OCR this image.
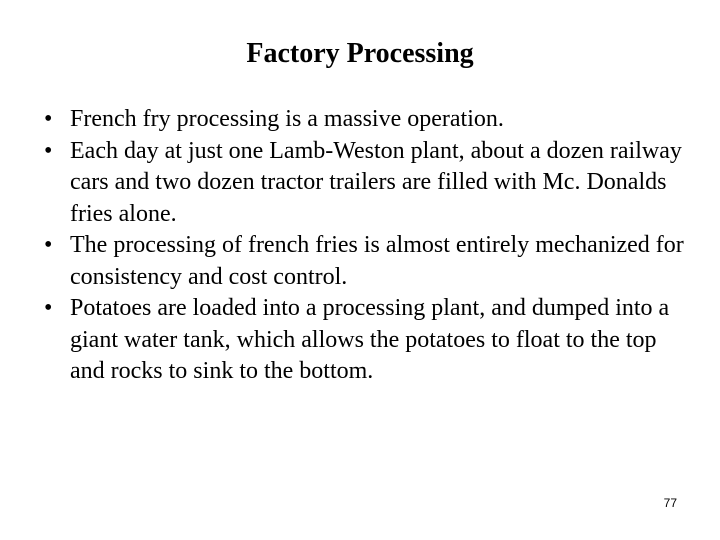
Factory Processing
• French fry processing is a massive operation.
• Each day at just one Lamb-Weston plant, about a dozen railway cars and two dozen tractor trailers are filled with Mc. Donalds fries alone.
• The processing of french fries is almost entirely mechanized for consistency and cost control.
• Potatoes are loaded into a processing plant, and dumped into a giant water tank, which allows the potatoes to float to the top and rocks to sink to the bottom.
77
